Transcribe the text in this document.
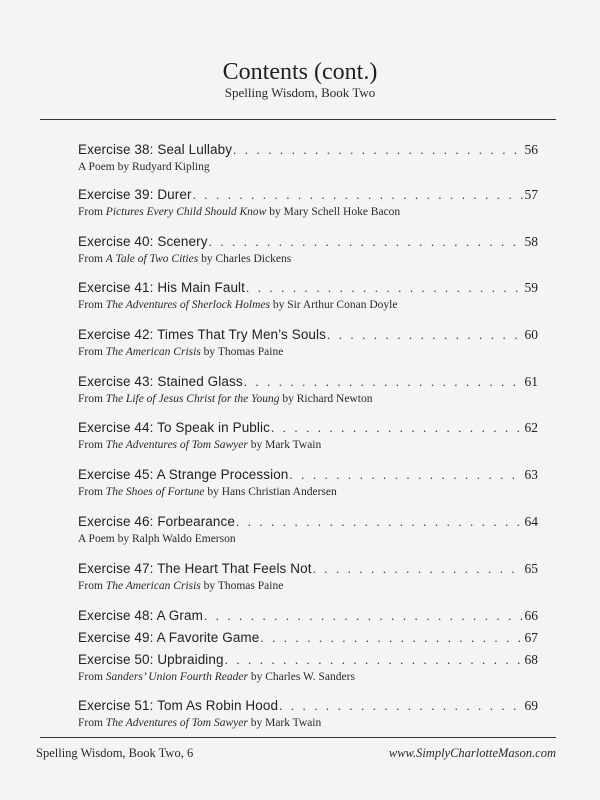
Contents (cont.)
Spelling Wisdom, Book Two
Exercise 38: Seal Lullaby . . .	56
A Poem by Rudyard Kipling
Exercise 39: Durer . . .	57
From Pictures Every Child Should Know by Mary Schell Hoke Bacon
Exercise 40: Scenery . . .	58
From A Tale of Two Cities by Charles Dickens
Exercise 41: His Main Fault . . .	59
From The Adventures of Sherlock Holmes by Sir Arthur Conan Doyle
Exercise 42: Times That Try Men’s Souls . . .	60
From The American Crisis by Thomas Paine
Exercise 43: Stained Glass . . .	61
From The Life of Jesus Christ for the Young by Richard Newton
Exercise 44: To Speak in Public . . .	62
From The Adventures of Tom Sawyer by Mark Twain
Exercise 45: A Strange Procession . . .	63
From The Shoes of Fortune by Hans Christian Andersen
Exercise 46: Forbearance . . .	64
A Poem by Ralph Waldo Emerson
Exercise 47: The Heart That Feels Not . . .	65
From The American Crisis by Thomas Paine
Exercise 48: A Gram . . .	66
Exercise 49: A Favorite Game . . .	67
Exercise 50: Upbraiding . . .	68
From Sanders’ Union Fourth Reader by Charles W. Sanders
Exercise 51: Tom As Robin Hood . . .	69
From The Adventures of Tom Sawyer by Mark Twain
Spelling Wisdom, Book Two, 6	www.SimplyCharlotteMason.com
